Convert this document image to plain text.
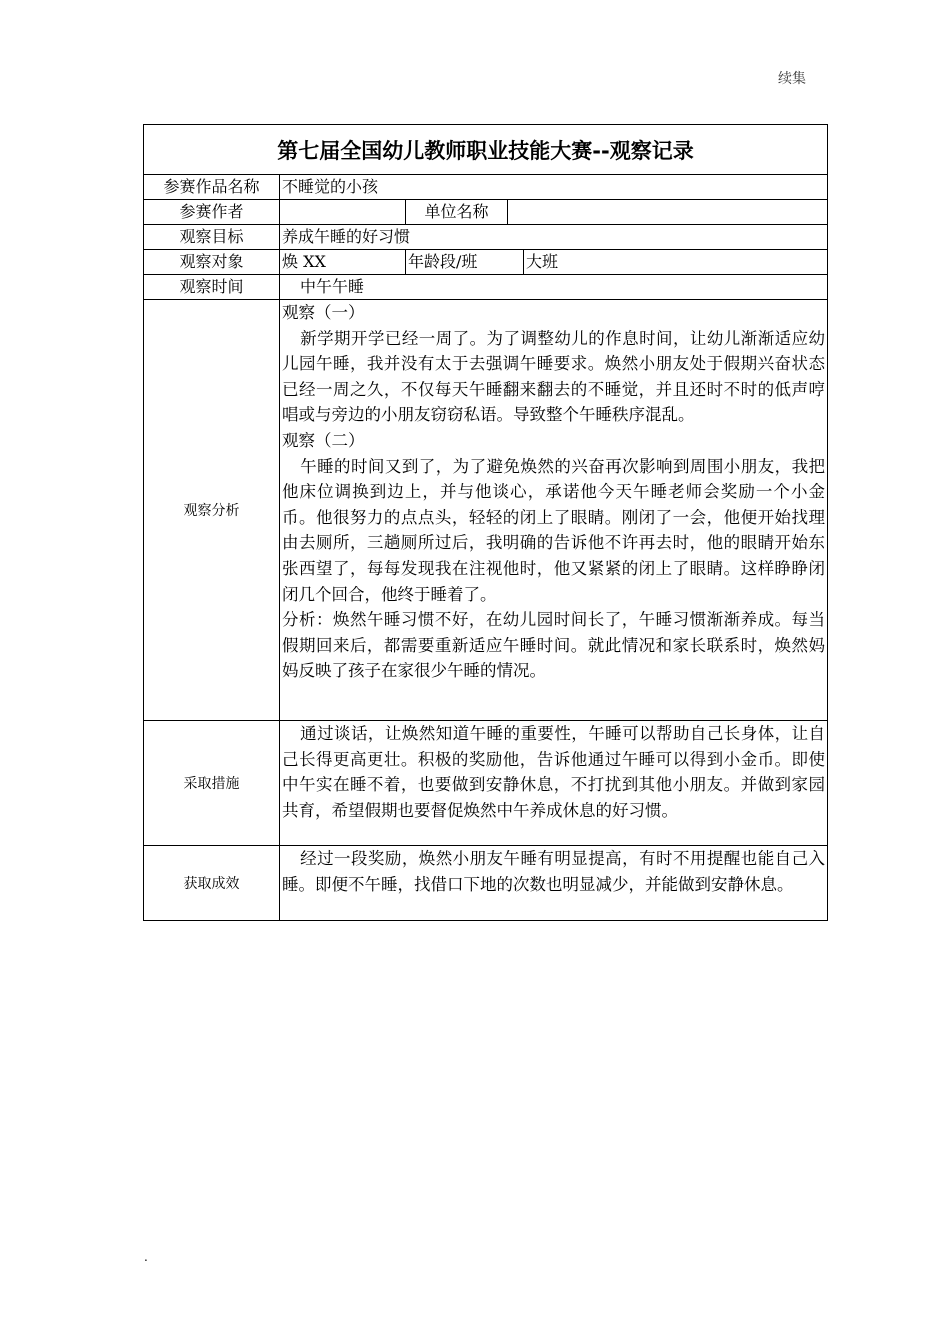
续集
第七届全国幼儿教师职业技能大赛--观察记录				
参赛作品名称	不睡觉的小孩			
参赛作者		单位名称		
观察目标	养成午睡的好习惯			
观察对象	焕 XX	年龄段/班		大班
观察时间	中午午睡			
观察分析	观察（一）

新学期开学已经一周了。为了调整幼儿的作息时间，让幼儿渐渐适应幼儿园午睡，我并没有太于去强调午睡要求。焕然小朋友处于假期兴奋状态已经一周之久，不仅每天午睡翻来翻去的不睡觉，并且还时不时的低声哼唱或与旁边的小朋友窃窃私语。导致整个午睡秩序混乱。

观察（二）

午睡的时间又到了，为了避免焕然的兴奋再次影响到周围小朋友，我把他床位调换到边上，并与他谈心，承诺他今天午睡老师会奖励一个小金币。他很努力的点点头，轻轻的闭上了眼睛。刚闭了一会，他便开始找理由去厕所，三趟厕所过后，我明确的告诉他不许再去时，他的眼睛开始东张西望了，每每发现我在注视他时，他又紧紧的闭上了眼睛。这样睁睁闭闭几个回合，他终于睡着了。

分析：焕然午睡习惯不好，在幼儿园时间长了，午睡习惯渐渐养成。每当假期回来后，都需要重新适应午睡时间。就此情况和家长联系时，焕然妈妈反映了孩子在家很少午睡的情况。			

采取措施	通过谈话，让焕然知道午睡的重要性，午睡可以帮助自己长身体，让自己长得更高更壮。积极的奖励他，告诉他通过午睡可以得到小金币。即使中午实在睡不着，也要做到安静休息，不打扰到其他小朋友。并做到家园共育，希望假期也要督促焕然中午养成休息的好习惯。			

获取成效	经过一段奖励，焕然小朋友午睡有明显提高，有时不用提醒也能自己入睡。即便不午睡，找借口下地的次数也明显减少，并能做到安静休息。			

.
